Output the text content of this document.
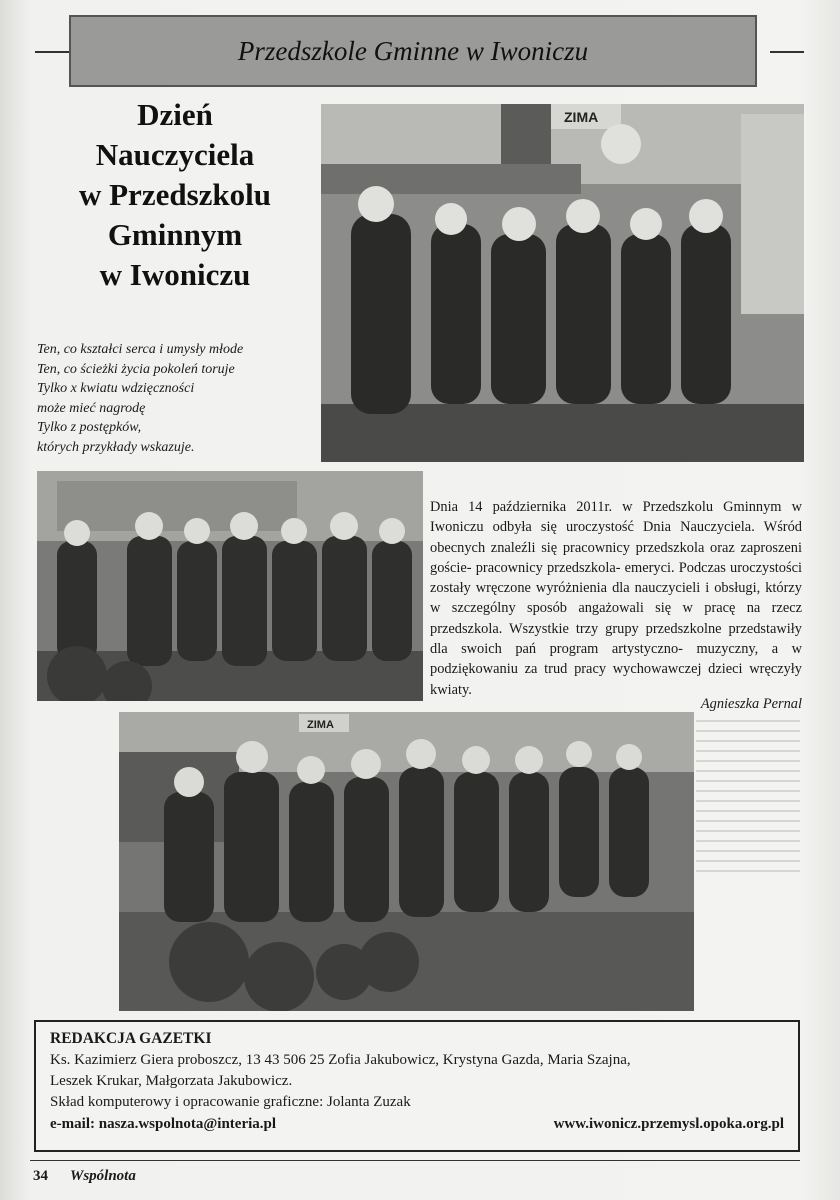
Przedszkole Gminne w Iwoniczu
Dzień
Nauczyciela
w Przedszkolu
Gminnym
w Iwoniczu
Ten, co kształci serca i umysły młode
Ten, co ścieżki życia pokoleń toruje
Tylko x kwiatu wdzięczności
może mieć nagrodę
Tylko z postępków,
których przykłady wskazuje.
ZIMA

Dnia 14 października 2011r. w Przedszkolu Gminnym w Iwoniczu odbyła się uroczystość Dnia Nauczyciela. Wśród obecnych znaleźli się pracownicy przedszkola oraz zaproszeni goście- pracownicy przedszkola- emeryci. Podczas uroczystości zostały wręczone wyróżnienia dla nauczycieli i obsługi, którzy w szczególny sposób angażowali się w pracę na rzecz przedszkola. Wszystkie trzy grupy przedszkolne przedstawiły dla swoich pań program artystyczno- muzyczny, a w podziękowaniu za trud pracy wychowawczej dzieci wręczyły kwiaty.

Agnieszka Pernal
ZIMA
REDAKCJA GAZETKI
Ks. Kazimierz Giera proboszcz, 13 43 506 25 Zofia Jakubowicz, Krystyna Gazda, Maria Szajna,
Leszek Krukar, Małgorzata Jakubowicz.
Skład komputerowy i opracowanie graficzne: Jolanta Zuzak
e-mail: nasza.wspolnota@interia.pl	www.iwonicz.przemysl.opoka.org.pl
34 Wspólnota
